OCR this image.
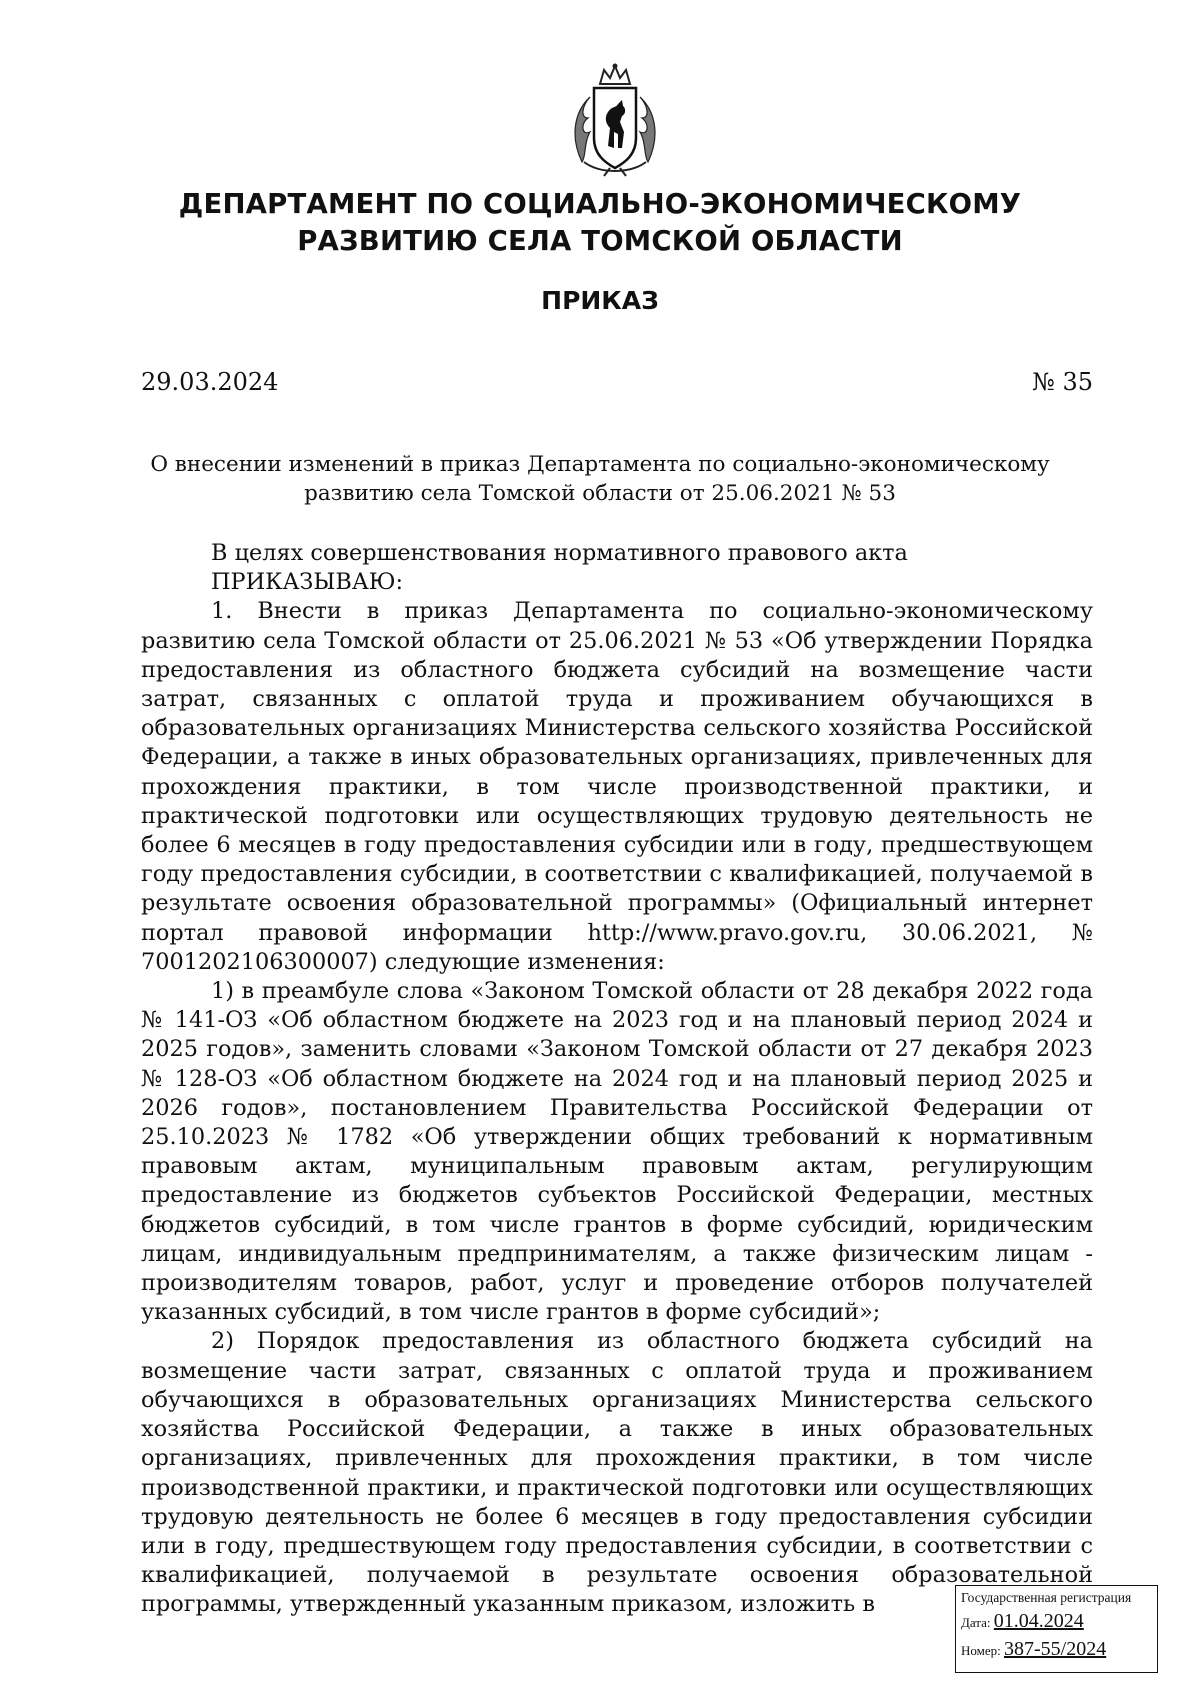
ДЕПАРТАМЕНТ ПО СОЦИАЛЬНО-ЭКОНОМИЧЕСКОМУ
РАЗВИТИЮ СЕЛА ТОМСКОЙ ОБЛАСТИ
ПРИКАЗ
29.03.2024	№ 35
О внесении изменений в приказ Департамента по социально-экономическому
развитию села Томской области от 25.06.2021 № 53

В целях совершенствования нормативного правового акта

ПРИКАЗЫВАЮ:

1. Внести в приказ Департамента по социально-экономическому развитию села Томской области от 25.06.2021 № 53 «Об утверждении Порядка предоставления из областного бюджета субсидий на возмещение части затрат, связанных с оплатой труда и проживанием обучающихся в образовательных организациях Министерства сельского хозяйства Российской Федерации, а также в иных образовательных организациях, привлеченных для прохождения практики, в том числе производственной практики, и практической подготовки или осуществляющих трудовую деятельность не более 6 месяцев в году предоставления субсидии или в году, предшествующем году предоставления субсидии, в соответствии с квалификацией, получаемой в результате освоения образовательной программы» (Официальный интернет портал правовой информации http://www.pravo.gov.ru, 30.06.2021, № 7001202106300007) следующие изменения:

1) в преамбуле слова «Законом Томской области от 28 декабря 2022 года № 141-ОЗ «Об областном бюджете на 2023 год и на плановый период 2024 и 2025 годов», заменить словами «Законом Томской области от 27 декабря 2023 № 128-ОЗ «Об областном бюджете на 2024 год и на плановый период 2025 и 2026 годов», постановлением Правительства Российской Федерации от 25.10.2023 № 1782 «Об утверждении общих требований к нормативным правовым актам, муниципальным правовым актам, регулирующим предоставление из бюджетов субъектов Российской Федерации, местных бюджетов субсидий, в том числе грантов в форме субсидий, юридическим лицам, индивидуальным предпринимателям, а также физическим лицам - производителям товаров, работ, услуг и проведение отборов получателей указанных субсидий, в том числе грантов в форме субсидий»;

2) Порядок предоставления из областного бюджета субсидий на возмещение части затрат, связанных с оплатой труда и проживанием обучающихся в образовательных организациях Министерства сельского хозяйства Российской Федерации, а также в иных образовательных организациях, привлеченных для прохождения практики, в том числе производственной практики, и практической подготовки или осуществляющих трудовую деятельность не более 6 месяцев в году предоставления субсидии или в году, предшествующем году предоставления субсидии, в соответствии с квалификацией, получаемой в результате освоения образовательной программы, утвержденный указанным приказом, изложить в	Государственная регистрация
Дата: 01.04.2024
Номер: 387-55/2024
